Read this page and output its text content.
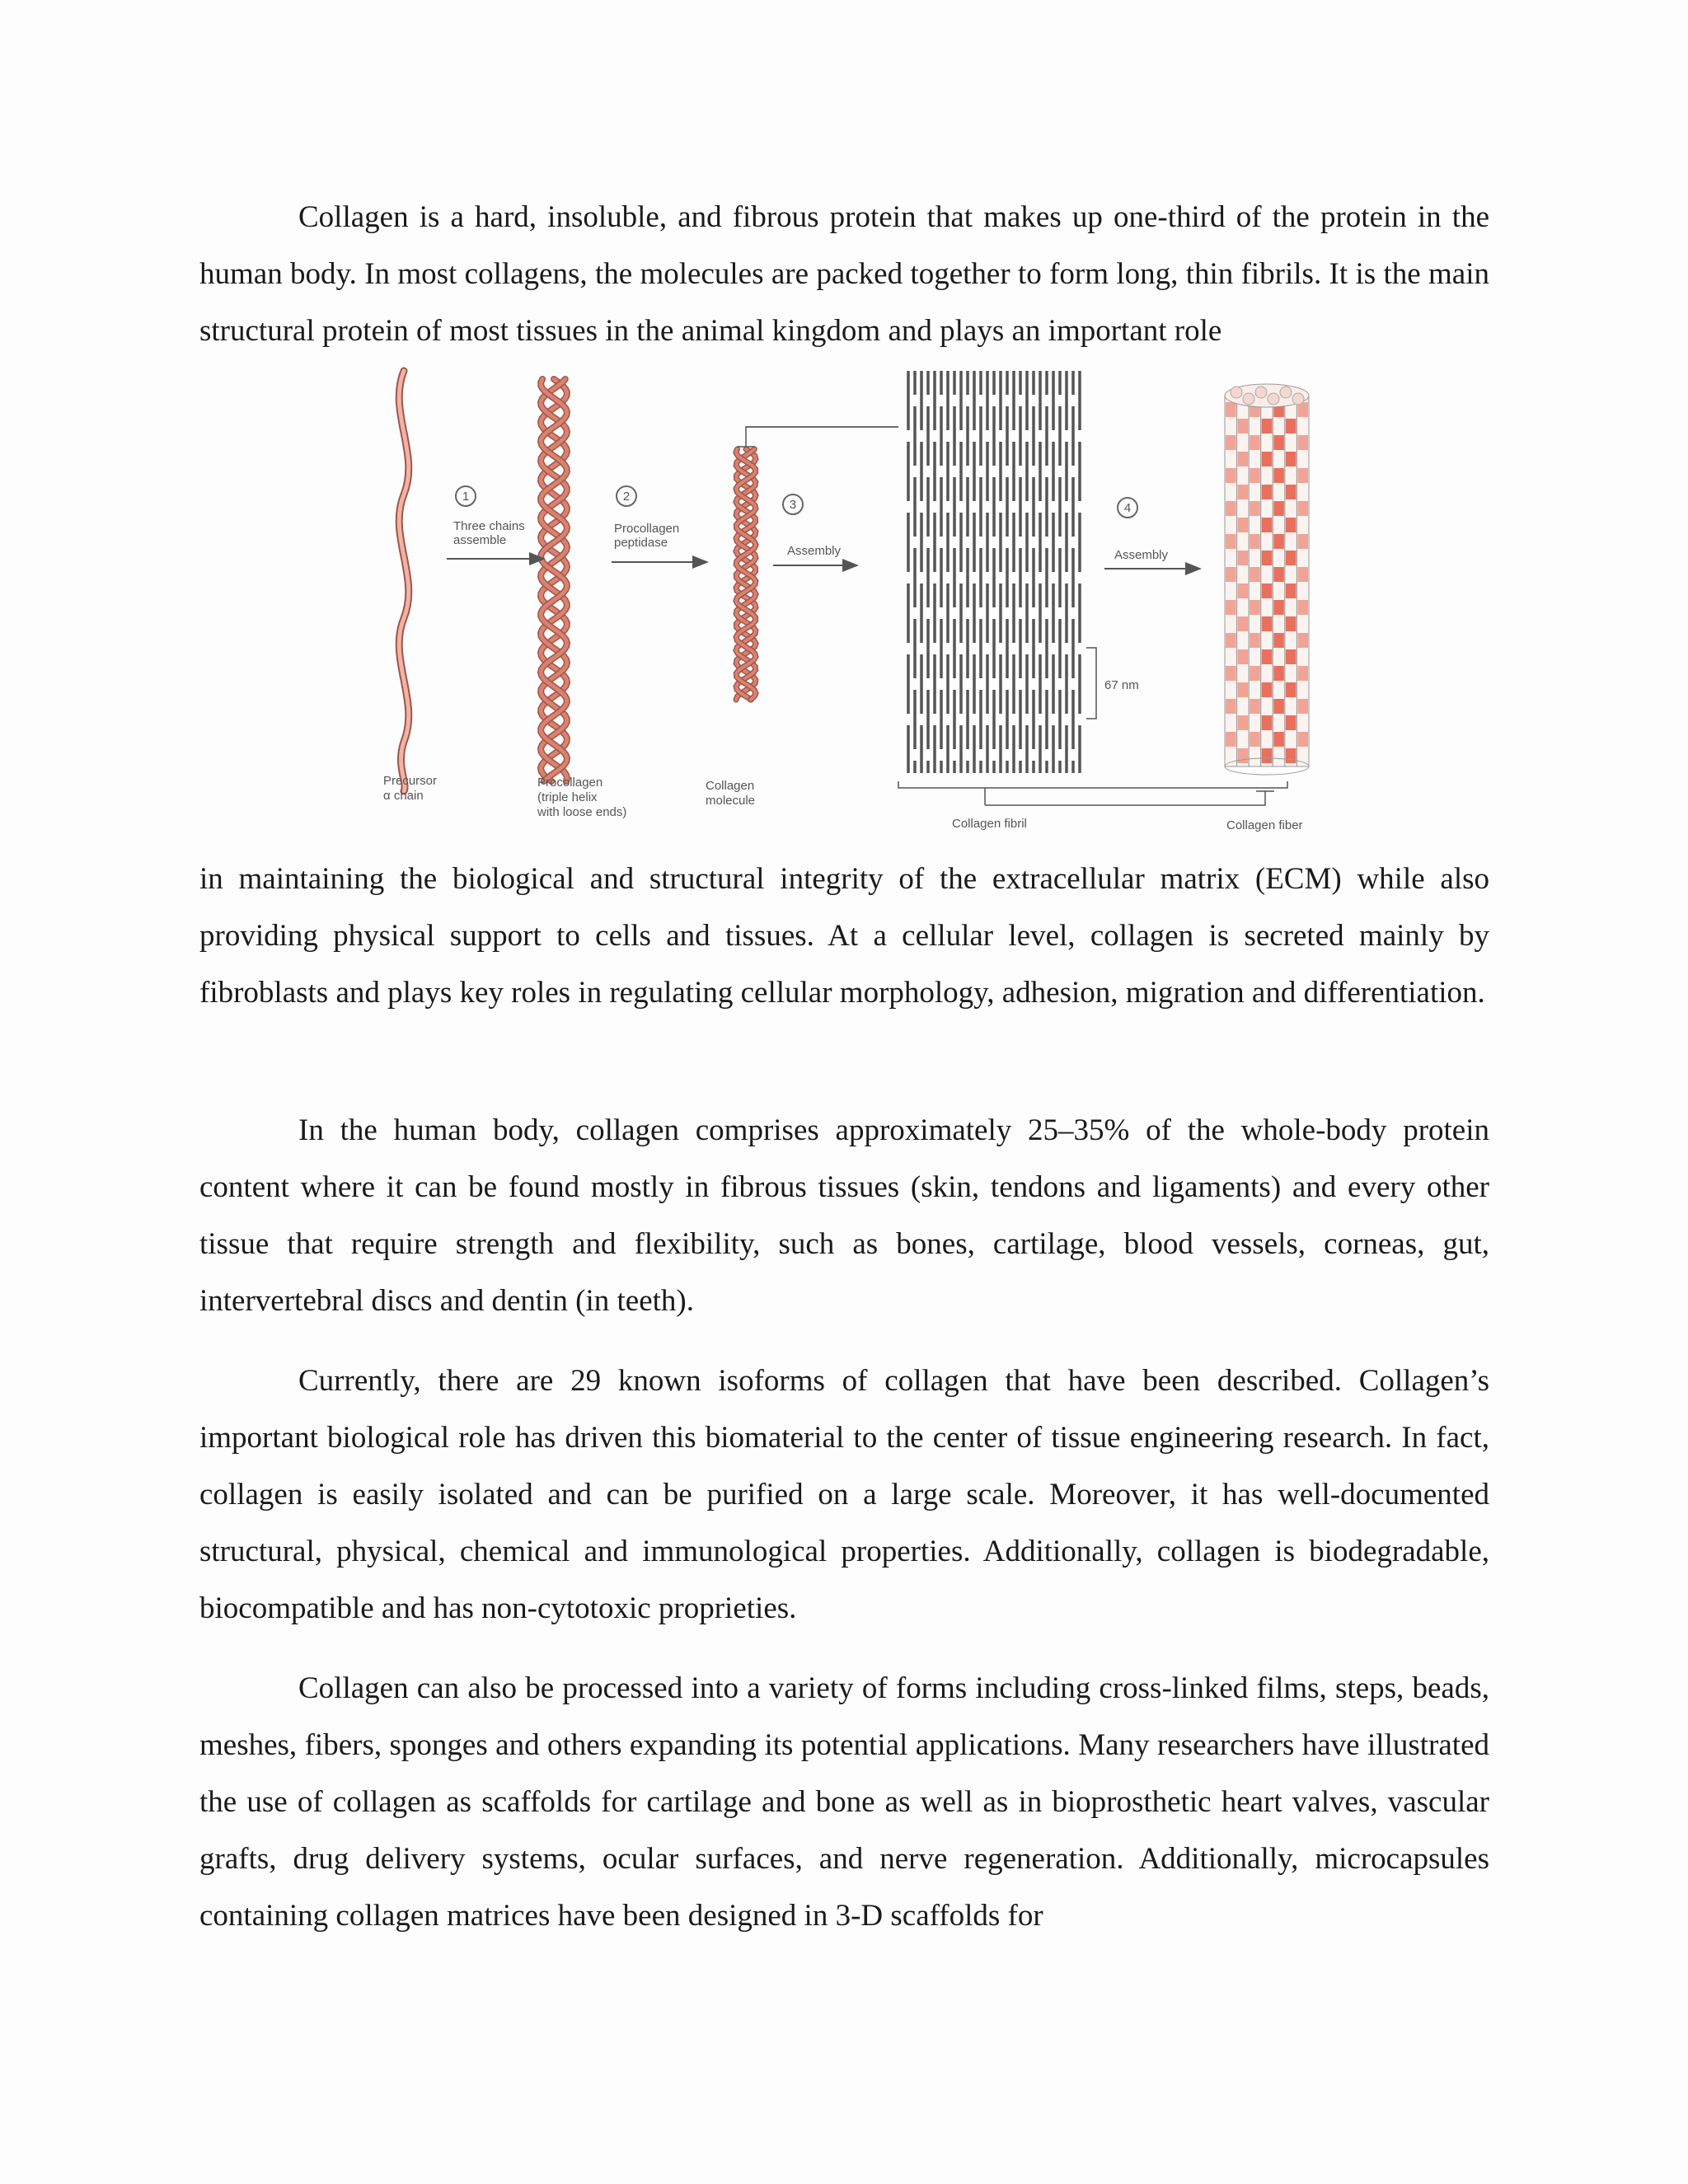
Collagen is a hard, insoluble, and fibrous protein that makes up one-third of the protein in the human body. In most collagens, the molecules are packed together to form long, thin fibrils. It is the main structural protein of most tissues in the animal kingdom and plays an important role

1
Three chains
assemble
2
Procollagen
peptidase
3
Assembly
67 nm
4
Assembly
Precursor
α chain
Procollagen
(triple helix
with loose ends)
Collagen
molecule
Collagen fibril	Collagen fiber

in maintaining the biological and structural integrity of the extracellular matrix (ECM) while also providing physical support to cells and tissues. At a cellular level, collagen is secreted mainly by fibroblasts and plays key roles in regulating cellular morphology, adhesion, migration and differentiation.

In the human body, collagen comprises approximately 25–35% of the whole-body protein content where it can be found mostly in fibrous tissues (skin, tendons and ligaments) and every other tissue that require strength and flexibility, such as bones, cartilage, blood vessels, corneas, gut, intervertebral discs and dentin (in teeth).

Currently, there are 29 known isoforms of collagen that have been described. Collagen’s important biological role has driven this biomaterial to the center of tissue engineering research. In fact, collagen is easily isolated and can be purified on a large scale. Moreover, it has well-documented structural, physical, chemical and immunological properties. Additionally, collagen is biodegradable, biocompatible and has non-cytotoxic proprieties.

Collagen can also be processed into a variety of forms including cross-linked films, steps, beads, meshes, fibers, sponges and others expanding its potential applications. Many researchers have illustrated the use of collagen as scaffolds for cartilage and bone as well as in bioprosthetic heart valves, vascular grafts, drug delivery systems, ocular surfaces, and nerve regeneration. Additionally, microcapsules containing collagen matrices have been designed in 3-D scaffolds for
